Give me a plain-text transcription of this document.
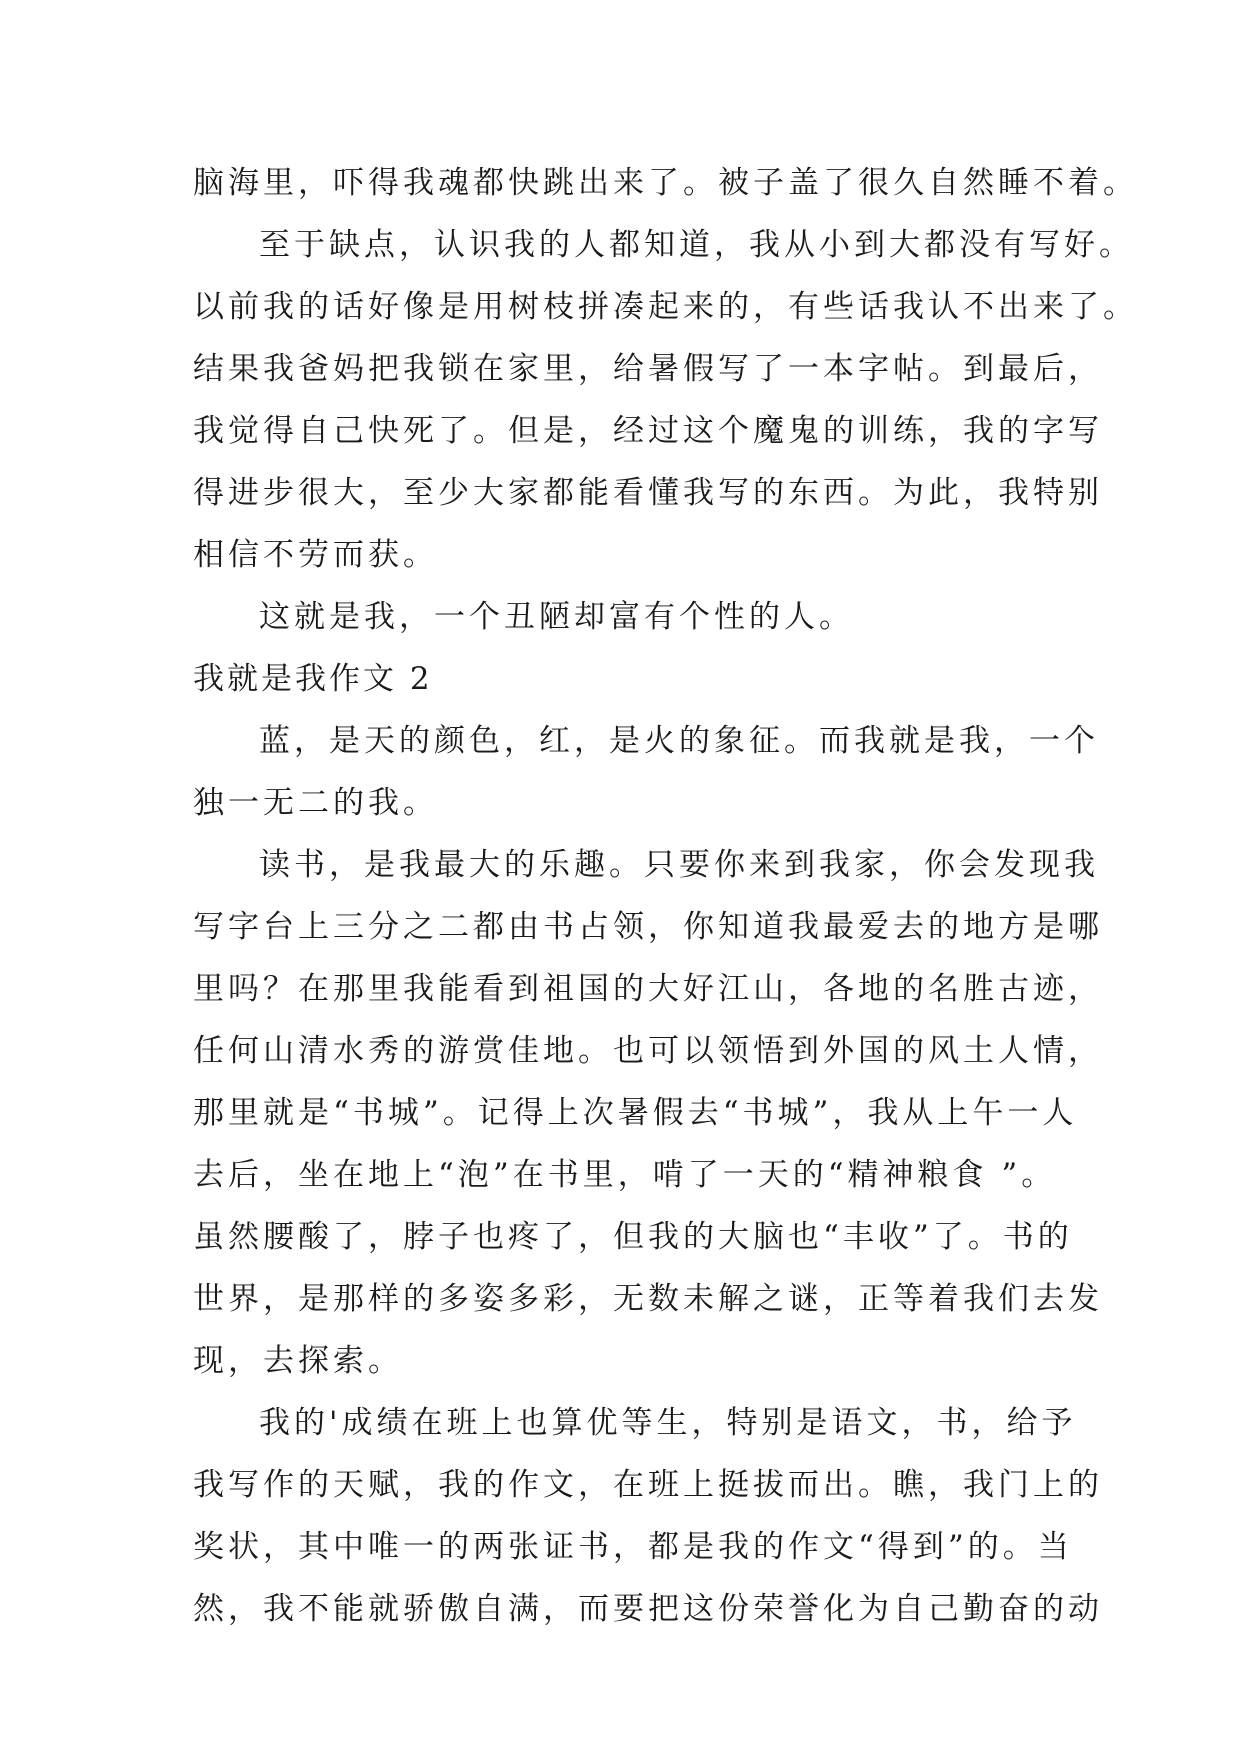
脑海里，吓得我魂都快跳出来了。被子盖了很久自然睡不着。
至于缺点，认识我的人都知道，我从小到大都没有写好。
以前我的话好像是用树枝拼凑起来的，有些话我认不出来了。
结果我爸妈把我锁在家里，给暑假写了一本字帖。到最后，
我觉得自己快死了。但是，经过这个魔鬼的训练，我的字写
得进步很大，至少大家都能看懂我写的东西。为此，我特别
相信不劳而获。
这就是我，一个丑陋却富有个性的人。
我就是我作文 2
蓝，是天的颜色，红，是火的象征。而我就是我，一个
独一无二的我。
读书，是我最大的乐趣。只要你来到我家，你会发现我
写字台上三分之二都由书占领，你知道我最爱去的地方是哪
里吗？在那里我能看到祖国的大好江山，各地的名胜古迹，
任何山清水秀的游赏佳地。也可以领悟到外国的风土人情，
那里就是“书城”。记得上次暑假去“书城”，我从上午一人
去后，坐在地上“泡”在书里，啃了一天的“精神粮食 ”。
虽然腰酸了，脖子也疼了，但我的大脑也“丰收”了。书的
世界，是那样的多姿多彩，无数未解之谜，正等着我们去发
现，去探索。
我的'成绩在班上也算优等生，特别是语文，书，给予
我写作的天赋，我的作文，在班上挺拔而出。瞧，我门上的
奖状，其中唯一的两张证书，都是我的作文“得到”的。当
然，我不能就骄傲自满，而要把这份荣誉化为自己勤奋的动
